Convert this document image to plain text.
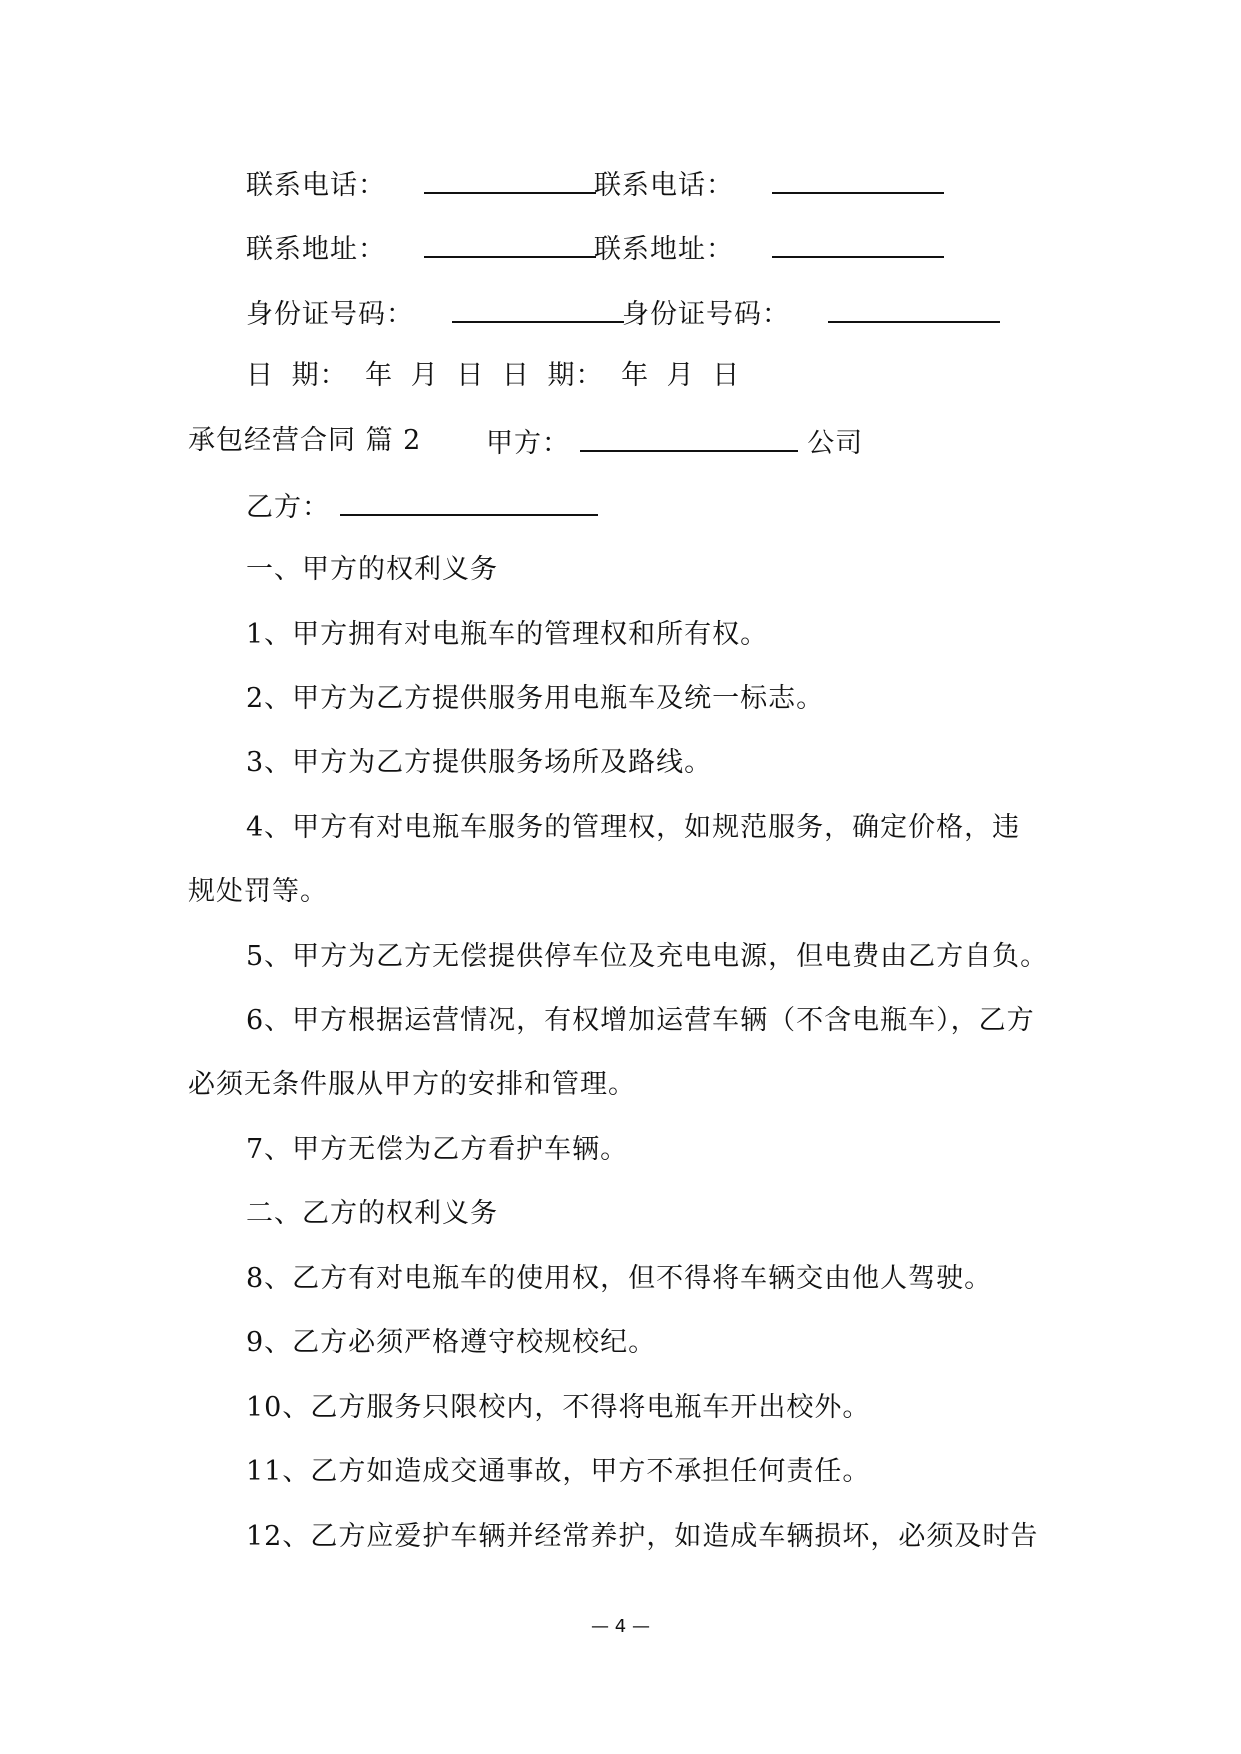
联系电话：	联系电话：
联系地址：	联系地址：
身份证号码：	身份证号码：
日 期： 年 月 日 日 期： 年 月 日
承包经营合同 篇 2 甲方：	公司
乙方：
一、甲方的权利义务
1、甲方拥有对电瓶车的管理权和所有权。
2、甲方为乙方提供服务用电瓶车及统一标志。
3、甲方为乙方提供服务场所及路线。
4、甲方有对电瓶车服务的管理权，如规范服务，确定价格，违
规处罚等。
5、甲方为乙方无偿提供停车位及充电电源，但电费由乙方自负。
6、甲方根据运营情况，有权增加运营车辆（不含电瓶车），乙方
必须无条件服从甲方的安排和管理。
7、甲方无偿为乙方看护车辆。
二、乙方的权利义务
8、乙方有对电瓶车的使用权，但不得将车辆交由他人驾驶。
9、乙方必须严格遵守校规校纪。
10、乙方服务只限校内，不得将电瓶车开出校外。
11、乙方如造成交通事故，甲方不承担任何责任。
12、乙方应爱护车辆并经常养护，如造成车辆损坏，必须及时告
— 4 —
